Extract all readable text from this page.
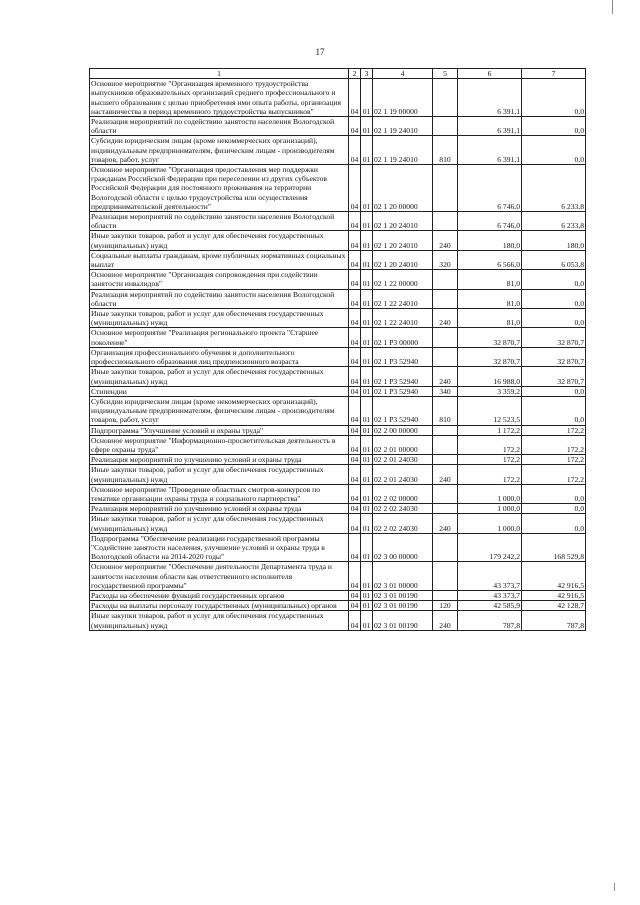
17
1	2	3	4	5	6	7
Основное мероприятие "Организация временного трудоустройства выпускников образовательных организаций среднего профессионального и высшего образования с целью приобретения ими опыта работы, организация наставничества в период временного трудоустройства выпускников"	04	01	02 1 19 00000		6 391,1	0,0
Реализация мероприятий по содействию занятости населения Вологодской области	04	01	02 1 19 24010		6 391,1	0,0
Субсидии юридическим лицам (кроме некоммерческих организаций), индивидуальным предпринимателям, физическим лицам - производителям товаров, работ, услуг	04	01	02 1 19 24010	810	6 391,1	0,0
Основное мероприятие "Организация предоставления мер поддержки гражданам Российской Федерации при переселении из других субъектов Российской Федерации для постоянного проживания на территории Вологодской области с целью трудоустройства или осуществления предпринимательской деятельности"	04	01	02 1 20 00000		6 746,0	6 233,8
Реализация мероприятий по содействию занятости населения Вологодской области	04	01	02 1 20 24010		6 746,0	6 233,8
Иные закупки товаров, работ и услуг для обеспечения государственных (муниципальных) нужд	04	01	02 1 20 24010	240	180,0	180,0
Социальные выплаты гражданам, кроме публичных нормативных социальных выплат	04	01	02 1 20 24010	320	6 566,0	6 053,8
Основное мероприятие "Организация сопровождения при содействии занятости инвалидов"	04	01	02 1 22 00000		81,0	0,0
Реализация мероприятий по содействию занятости населения Вологодской области	04	01	02 1 22 24010		81,0	0,0
Иные закупки товаров, работ и услуг для обеспечения государственных (муниципальных) нужд	04	01	02 1 22 24010	240	81,0	0,0
Основное мероприятие "Реализация регионального проекта "Старшее поколение"	04	01	02 1 P3 00000		32 870,7	32 870,7
Организация профессионального обучения и дополнительного профессионального образования лиц предпенсионного возраста	04	01	02 1 P3 52940		32 870,7	32 870,7
Иные закупки товаров, работ и услуг для обеспечения государственных (муниципальных) нужд	04	01	02 1 P3 52940	240	16 988,0	32 870,7
Стипендии	04	01	02 1 P3 52940	340	3 359,2	0,0
Субсидии юридическим лицам (кроме некоммерческих организаций), индивидуальным предпринимателям, физическим лицам - производителям товаров, работ, услуг	04	01	02 1 P3 52940	810	12 523,5	0,0
Подпрограмма "Улучшение условий и охраны труда"	04	01	02 2 00 00000		1 172,2	172,2
Основное мероприятие "Информационно-просветительская деятельность в сфере охраны труда"	04	01	02 2 01 00000		172,2	172,2
Реализация мероприятий по улучшению условий и охраны труда	04	01	02 2 01 24030		172,2	172,2
Иные закупки товаров, работ и услуг для обеспечения государственных (муниципальных) нужд	04	01	02 2 01 24030	240	172,2	172,2
Основное мероприятие "Проведение областных смотров-конкурсов по тематике организации охраны труда и социального партнерства"	04	01	02 2 02 00000		1 000,0	0,0
Реализация мероприятий по улучшению условий и охраны труда	04	01	02 2 02 24030		1 000,0	0,0
Иные закупки товаров, работ и услуг для обеспечения государственных (муниципальных) нужд	04	01	02 2 02 24030	240	1 000,0	0,0
Подпрограмма "Обеспечение реализации государственной программы "Содействие занятости населения, улучшение условий и охраны труда в Вологодской области на 2014-2020 годы"	04	01	02 3 00 00000		179 242,2	168 529,8
Основное мероприятие "Обеспечение деятельности Департамента труда и занятости населения области как ответственного исполнителя государственной программы"	04	01	02 3 01 00000		43 373,7	42 916,5
Расходы на обеспечение функций государственных органов	04	01	02 3 01 00190		43 373,7	42 916,5
Расходы на выплаты персоналу государственных (муниципальных) органов	04	01	02 3 01 00190	120	42 585,9	42 128,7
Иные закупки товаров, работ и услуг для обеспечения государственных (муниципальных) нужд	04	01	02 3 01 00190	240	787,8	787,8
